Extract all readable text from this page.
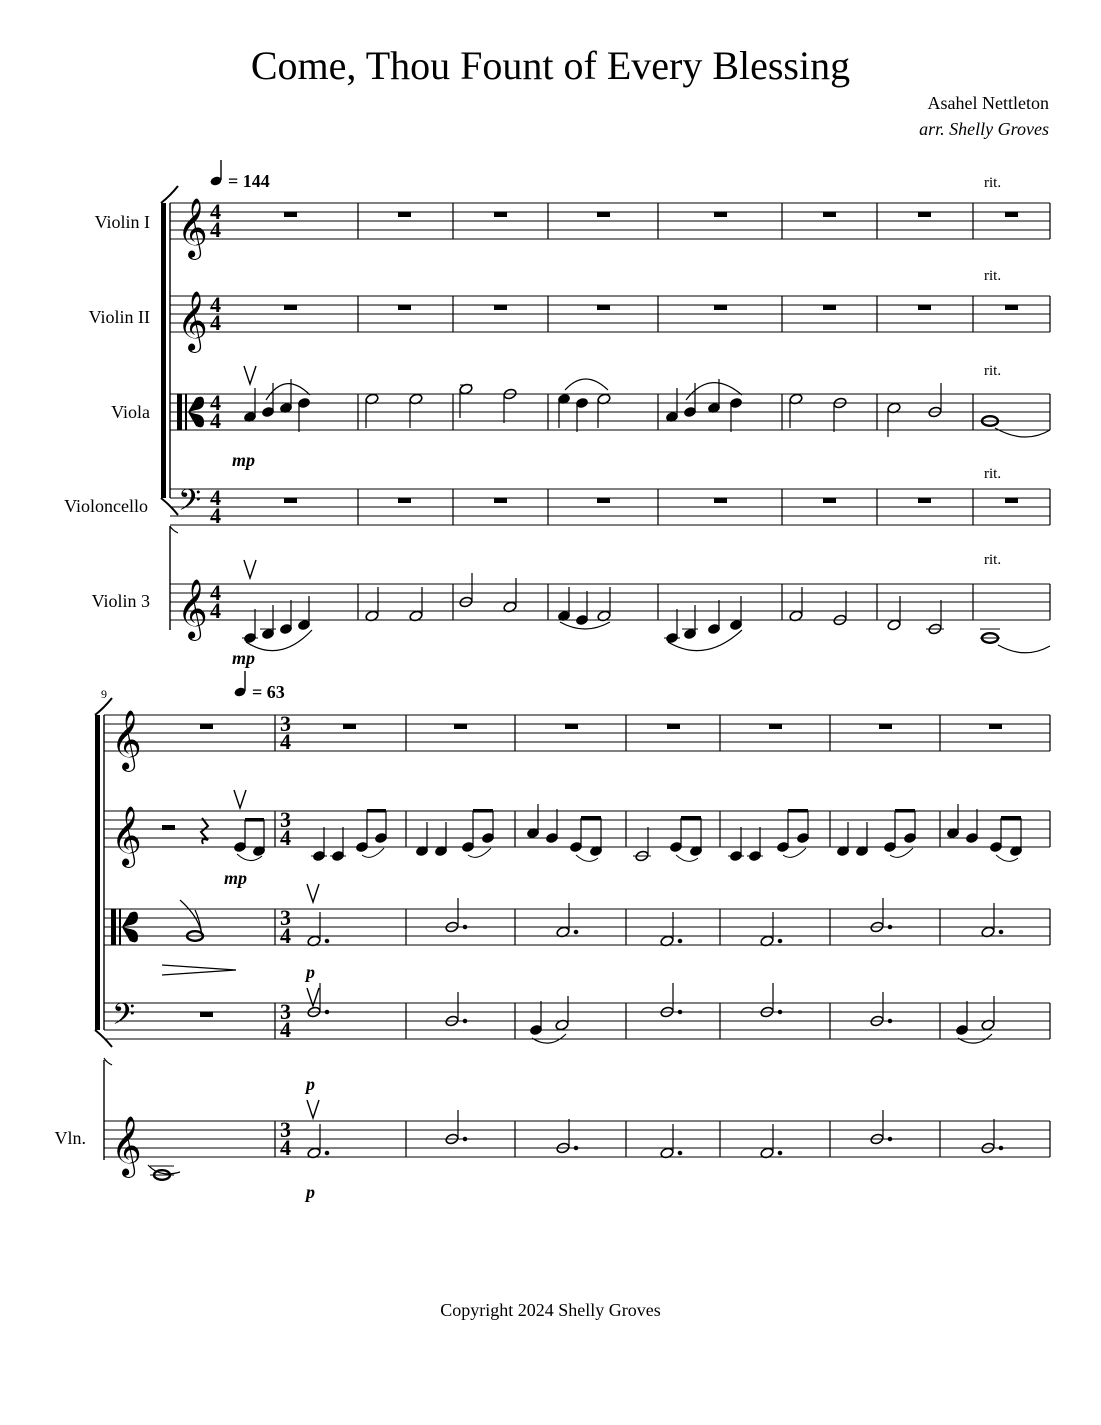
Come, Thou Fount of Every Blessing
Asahel Nettleton
arr. Shelly Groves
= 144
𝄞 4
4
𝄞 4
4
4
4
mp
𝄢 4
4
𝄞 4
4
mp
rit.
rit.
rit.
rit.
rit.
Violin I
Violin II
Viola
Violoncello
Violin 3
9	= 63
𝄞	3
4
𝄞	3
4
mp
3
4
p
𝄢	3
4
p
𝄞	3
4
p
Vln.
Copyright 2024 Shelly Groves
